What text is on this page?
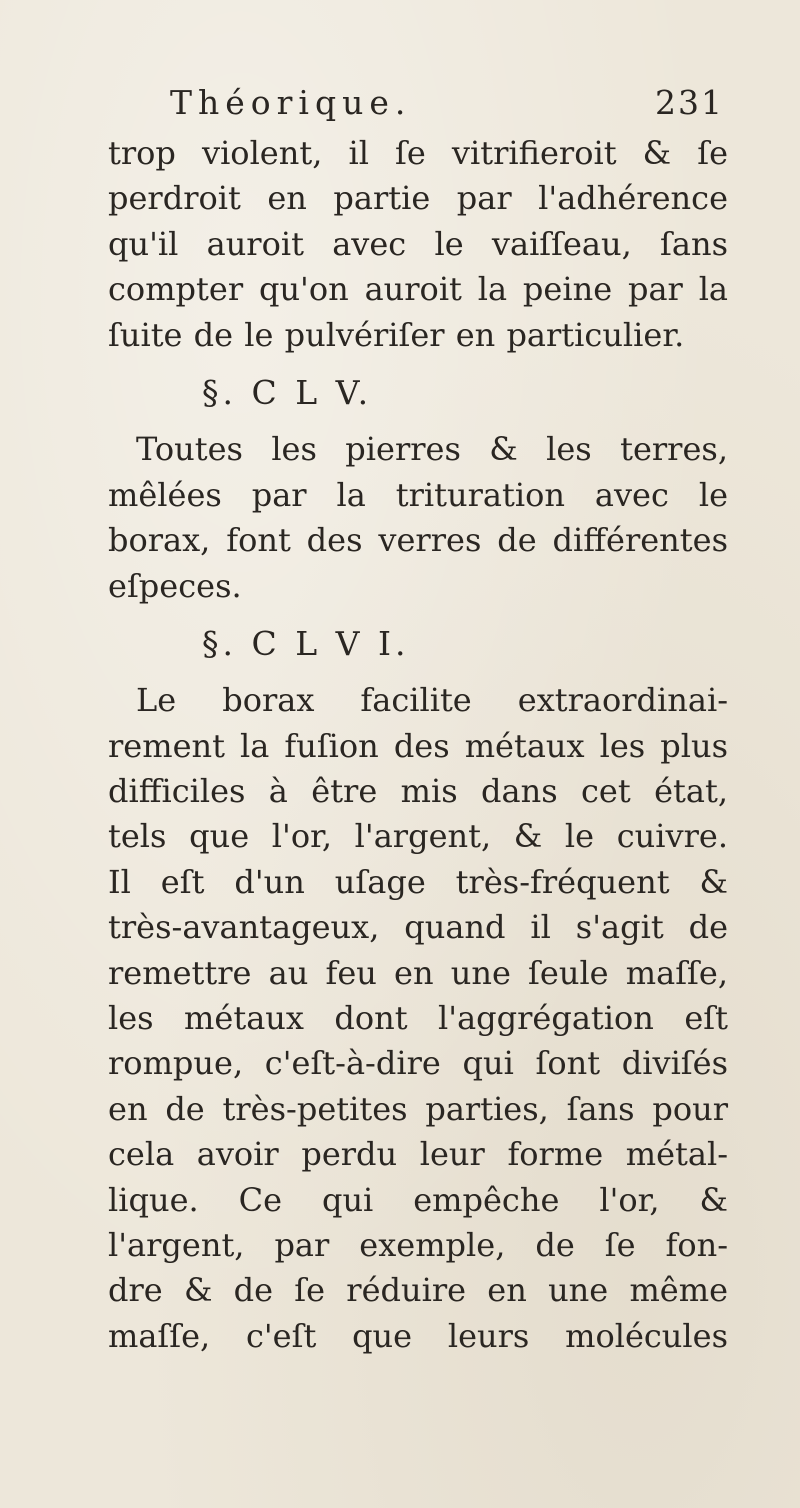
Théorique.	231
trop violent, il ſe vitrifieroit & ſe
perdroit en partie par l'adhérence
qu'il auroit avec le vaiſſeau, ſans
compter qu'on auroit la peine par la
ſuite de le pulvériſer en particulier.
§. C L V.
Toutes les pierres & les terres,
mêlées par la trituration avec le
borax, font des verres de différentes
eſpeces.
§. C L V I.
Le borax facilite extraordinai-
rement la fuſion des métaux les plus
difficiles à être mis dans cet état,
tels que l'or, l'argent, & le cuivre.
Il eſt d'un uſage très-fréquent &
très-avantageux, quand il s'agit de
remettre au feu en une ſeule maſſe,
les métaux dont l'aggrégation eſt
rompue, c'eſt-à-dire qui ſont diviſés
en de très-petites parties, ſans pour
cela avoir perdu leur forme métal-
lique. Ce qui empêche l'or, &
l'argent, par exemple, de ſe fon-
dre & de ſe réduire en une même
maſſe, c'eſt que leurs molécules
